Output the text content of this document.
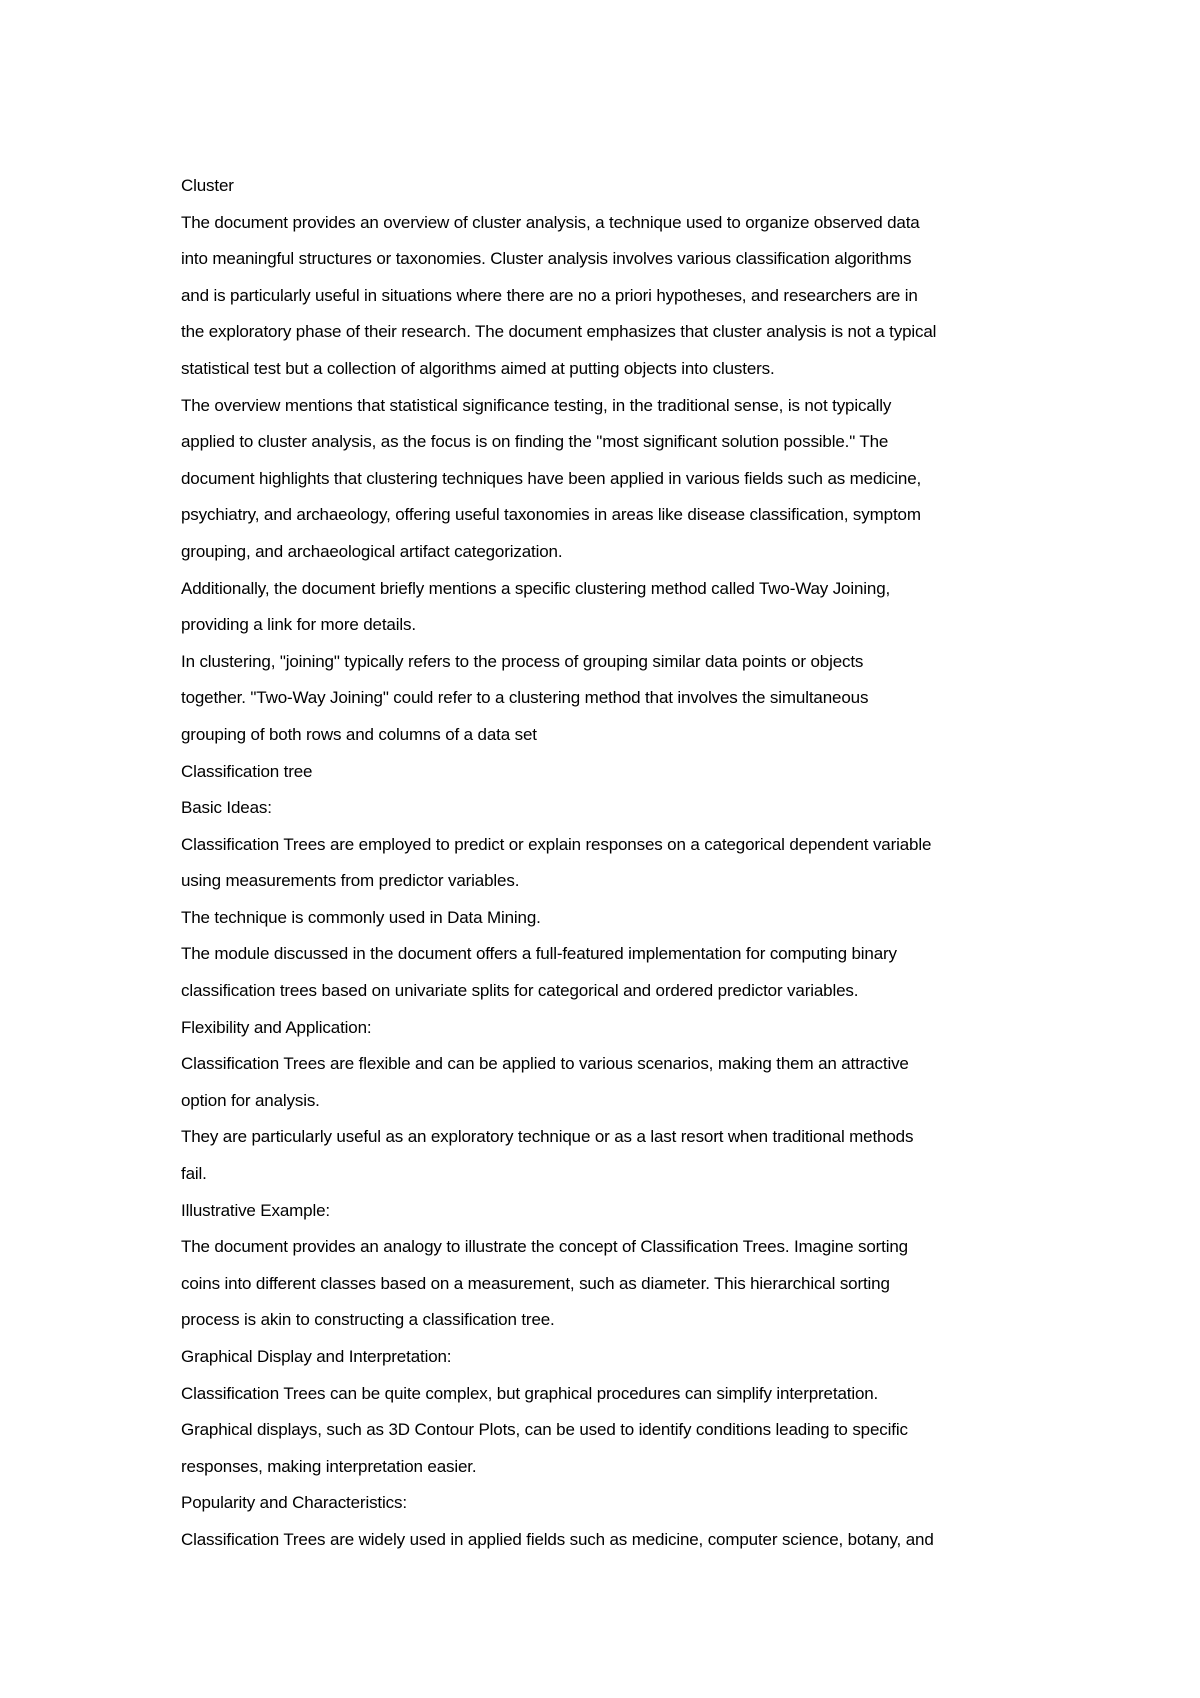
Cluster
The document provides an overview of cluster analysis, a technique used to organize observed data
into meaningful structures or taxonomies. Cluster analysis involves various classification algorithms
and is particularly useful in situations where there are no a priori hypotheses, and researchers are in
the exploratory phase of their research. The document emphasizes that cluster analysis is not a typical
statistical test but a collection of algorithms aimed at putting objects into clusters.
The overview mentions that statistical significance testing, in the traditional sense, is not typically
applied to cluster analysis, as the focus is on finding the "most significant solution possible." The
document highlights that clustering techniques have been applied in various fields such as medicine,
psychiatry, and archaeology, offering useful taxonomies in areas like disease classification, symptom
grouping, and archaeological artifact categorization.
Additionally, the document briefly mentions a specific clustering method called Two-Way Joining,
providing a link for more details.
In clustering, "joining" typically refers to the process of grouping similar data points or objects
together. "Two-Way Joining" could refer to a clustering method that involves the simultaneous
grouping of both rows and columns of a data set
Classification tree
Basic Ideas:
Classification Trees are employed to predict or explain responses on a categorical dependent variable
using measurements from predictor variables.
The technique is commonly used in Data Mining.
The module discussed in the document offers a full-featured implementation for computing binary
classification trees based on univariate splits for categorical and ordered predictor variables.
Flexibility and Application:
Classification Trees are flexible and can be applied to various scenarios, making them an attractive
option for analysis.
They are particularly useful as an exploratory technique or as a last resort when traditional methods
fail.
Illustrative Example:
The document provides an analogy to illustrate the concept of Classification Trees. Imagine sorting
coins into different classes based on a measurement, such as diameter. This hierarchical sorting
process is akin to constructing a classification tree.
Graphical Display and Interpretation:
Classification Trees can be quite complex, but graphical procedures can simplify interpretation.
Graphical displays, such as 3D Contour Plots, can be used to identify conditions leading to specific
responses, making interpretation easier.
Popularity and Characteristics:
Classification Trees are widely used in applied fields such as medicine, computer science, botany, and
